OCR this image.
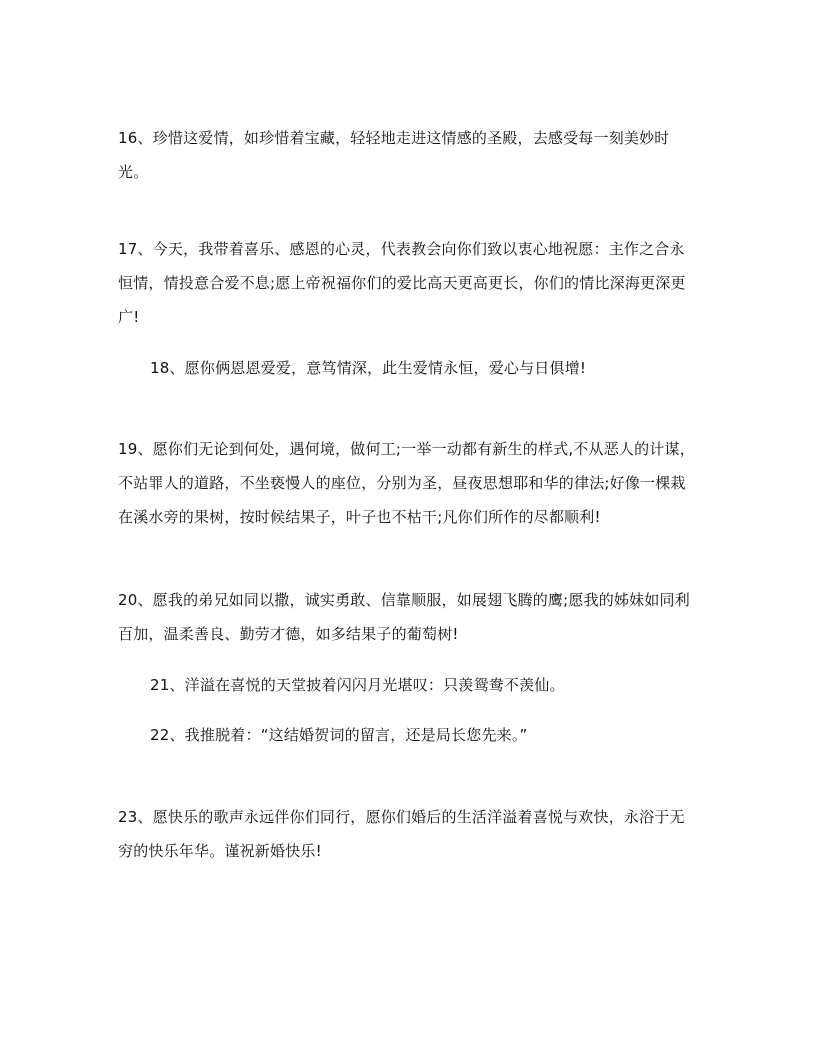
16、珍惜这爱情，如珍惜着宝藏，轻轻地走进这情感的圣殿，去感受每一刻美妙时光。

17、今天，我带着喜乐、感恩的心灵，代表教会向你们致以衷心地祝愿：主作之合永恒情，情投意合爱不息;愿上帝祝福你们的爱比高天更高更长，你们的情比深海更深更广!

18、愿你俩恩恩爱爱，意笃情深，此生爱情永恒，爱心与日俱增!

19、愿你们无论到何处，遇何境，做何工;一举一动都有新生的样式,不从恶人的计谋，不站罪人的道路，不坐亵慢人的座位，分别为圣，昼夜思想耶和华的律法;好像一棵栽在溪水旁的果树，按时候结果子，叶子也不枯干;凡你们所作的尽都顺利!

20、愿我的弟兄如同以撒，诚实勇敢、信靠顺服，如展翅飞腾的鹰;愿我的姊妹如同利百加，温柔善良、勤劳才德，如多结果子的葡萄树!

21、洋溢在喜悦的天堂披着闪闪月光堪叹：只羡鸳鸯不羡仙。

22、我推脱着：“这结婚贺词的留言，还是局长您先来。”

23、愿快乐的歌声永远伴你们同行，愿你们婚后的生活洋溢着喜悦与欢快，永浴于无穷的快乐年华。谨祝新婚快乐!
